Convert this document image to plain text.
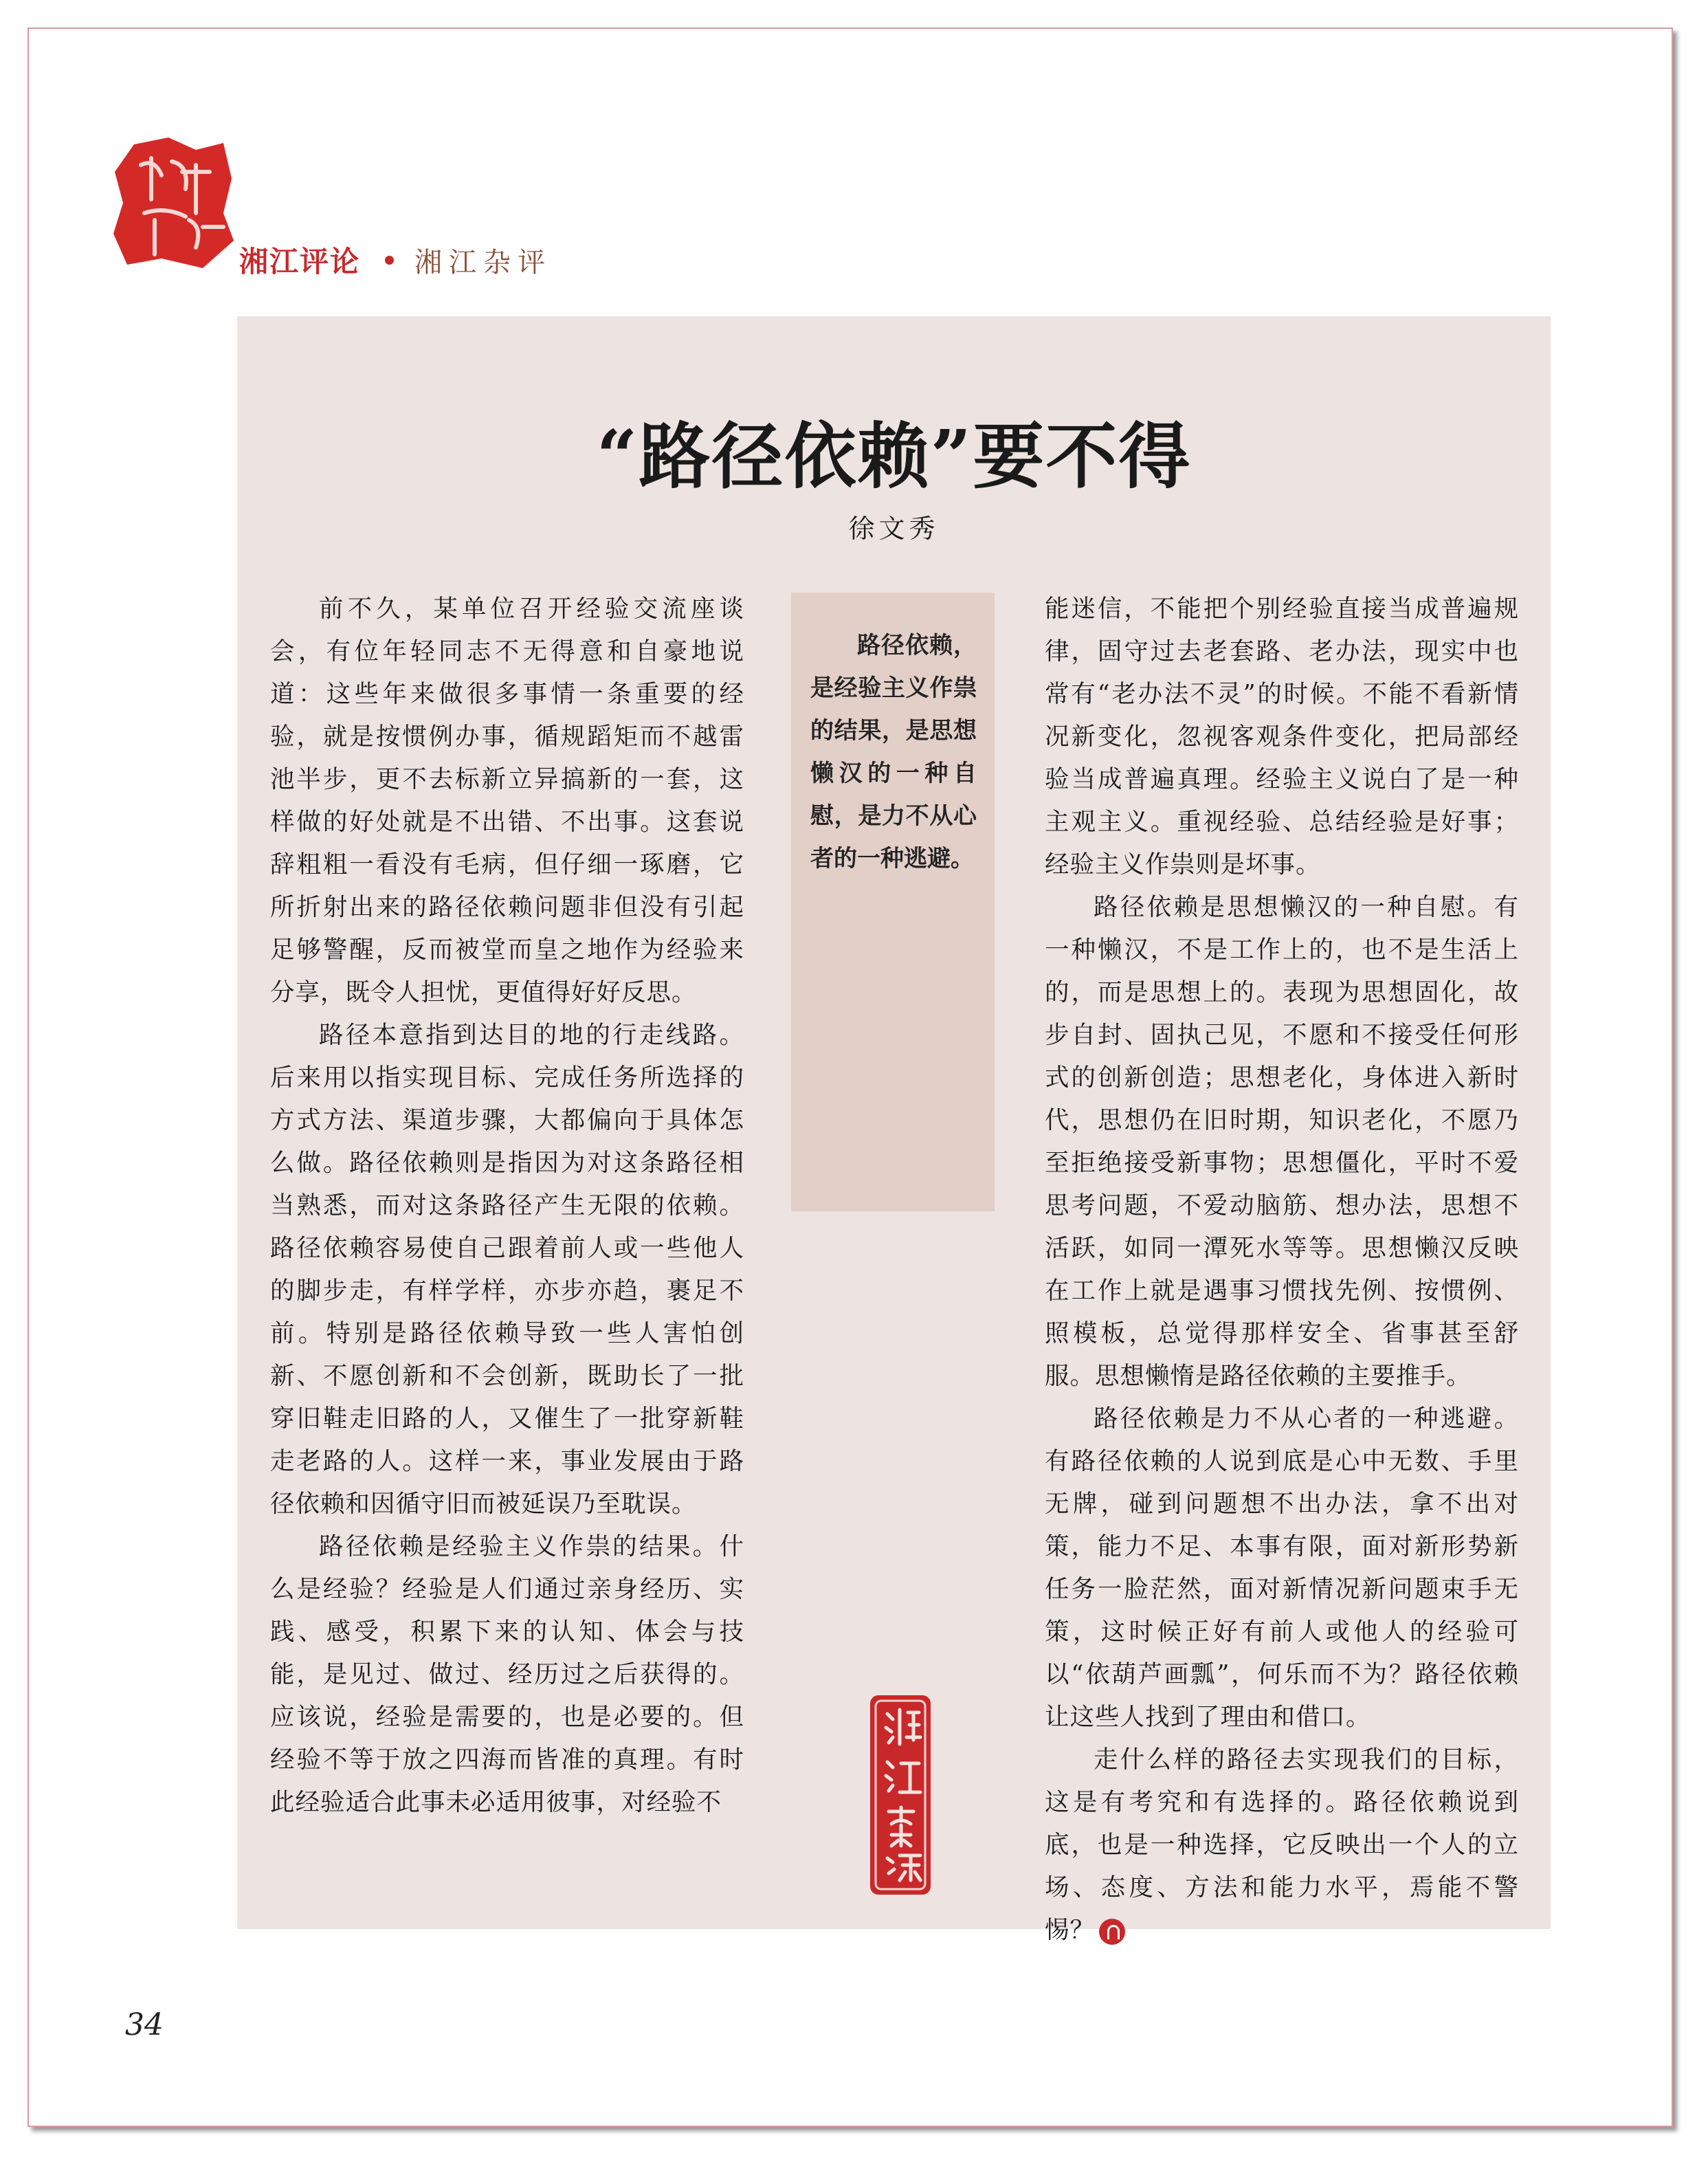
湘江评论 湘江杂评
“路径依赖”要不得
徐文秀

前不久，某单位召开经验交流座谈会，有位年轻同志不无得意和自豪地说道：这些年来做很多事情一条重要的经验，就是按惯例办事，循规蹈矩而不越雷池半步，更不去标新立异搞新的一套，这样做的好处就是不出错、不出事。这套说辞粗粗一看没有毛病，但仔细一琢磨，它所折射出来的路径依赖问题非但没有引起足够警醒，反而被堂而皇之地作为经验来分享，既令人担忧，更值得好好反思。

路径本意指到达目的地的行走线路。后来用以指实现目标、完成任务所选择的方式方法、渠道步骤，大都偏向于具体怎么做。路径依赖则是指因为对这条路径相当熟悉，而对这条路径产生无限的依赖。路径依赖容易使自己跟着前人或一些他人的脚步走，有样学样，亦步亦趋，裹足不前。特别是路径依赖导致一些人害怕创新、不愿创新和不会创新，既助长了一批穿旧鞋走旧路的人，又催生了一批穿新鞋走老路的人。这样一来，事业发展由于路径依赖和因循守旧而被延误乃至耽误。

路径依赖是经验主义作祟的结果。什么是经验？经验是人们通过亲身经历、实践、感受，积累下来的认知、体会与技能，是见过、做过、经历过之后获得的。应该说，经验是需要的，也是必要的。但经验不等于放之四海而皆准的真理。有时此经验适合此事未必适用彼事，对经验不

路径依赖，是经验主义作祟的结果，是思想懒汉的一种自慰，是力不从心者的一种逃避。

能迷信，不能把个别经验直接当成普遍规律，固守过去老套路、老办法，现实中也常有“老办法不灵”的时候。不能不看新情况新变化，忽视客观条件变化，把局部经验当成普遍真理。经验主义说白了是一种主观主义。重视经验、总结经验是好事；经验主义作祟则是坏事。

路径依赖是思想懒汉的一种自慰。有一种懒汉，不是工作上的，也不是生活上的，而是思想上的。表现为思想固化，故步自封、固执己见，不愿和不接受任何形式的创新创造；思想老化，身体进入新时代，思想仍在旧时期，知识老化，不愿乃至拒绝接受新事物；思想僵化，平时不爱思考问题，不爱动脑筋、想办法，思想不活跃，如同一潭死水等等。思想懒汉反映在工作上就是遇事习惯找先例、按惯例、照模板，总觉得那样安全、省事甚至舒服。思想懒惰是路径依赖的主要推手。

路径依赖是力不从心者的一种逃避。有路径依赖的人说到底是心中无数、手里无牌，碰到问题想不出办法，拿不出对策，能力不足、本事有限，面对新形势新任务一脸茫然，面对新情况新问题束手无策，这时候正好有前人或他人的经验可以“依葫芦画瓢”，何乐而不为？路径依赖让这些人找到了理由和借口。

走什么样的路径去实现我们的目标，这是有考究和有选择的。路径依赖说到底，也是一种选择，它反映出一个人的立场、态度、方法和能力水平，焉能不警惕？

34
